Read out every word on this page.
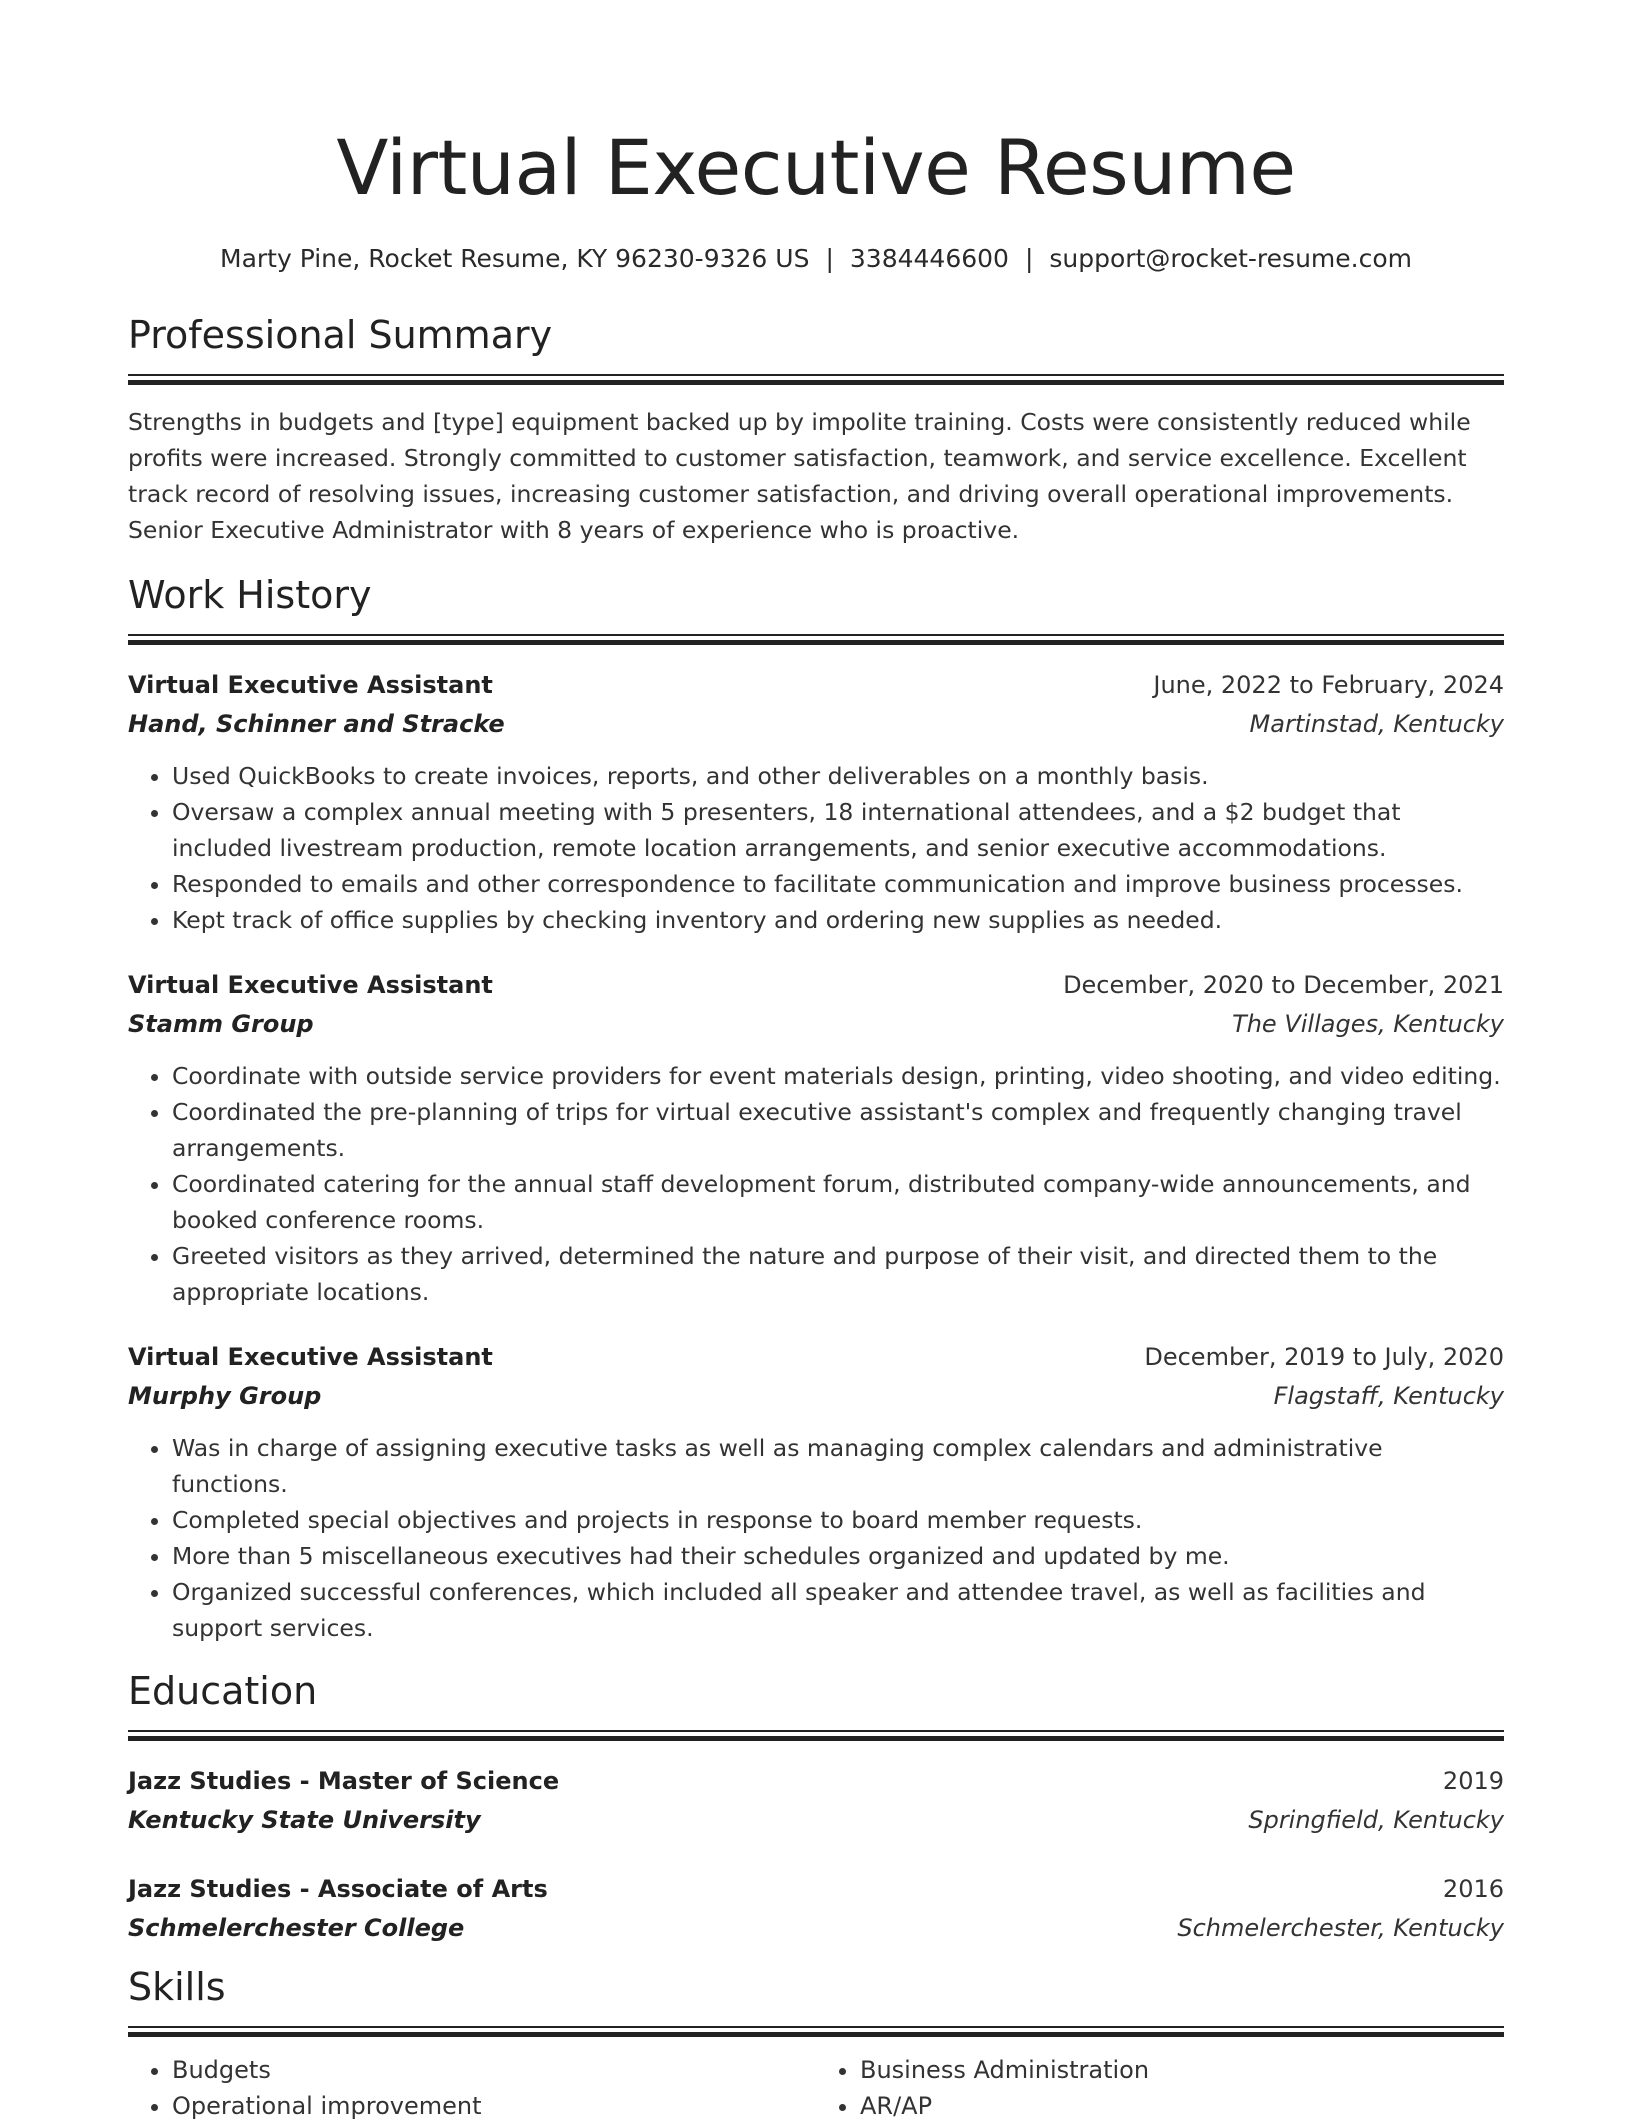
Virtual Executive Resume
Marty Pine, Rocket Resume, KY 96230-9326 US | 3384446600 | support@rocket-resume.com
Professional Summary
Strengths in budgets and [type] equipment backed up by impolite training. Costs were consistently reduced while profits were increased. Strongly committed to customer satisfaction, teamwork, and service excellence. Excellent track record of resolving issues, increasing customer satisfaction, and driving overall operational improvements. Senior Executive Administrator with 8 years of experience who is proactive.
Work History
Virtual Executive Assistant	June, 2022 to February, 2024
Hand, Schinner and Stracke	Martinstad, Kentucky
• Used QuickBooks to create invoices, reports, and other deliverables on a monthly basis.
• Oversaw a complex annual meeting with 5 presenters, 18 international attendees, and a $2 budget that included livestream production, remote location arrangements, and senior executive accommodations.
• Responded to emails and other correspondence to facilitate communication and improve business processes.
• Kept track of office supplies by checking inventory and ordering new supplies as needed.
Virtual Executive Assistant	December, 2020 to December, 2021
Stamm Group	The Villages, Kentucky
• Coordinate with outside service providers for event materials design, printing, video shooting, and video editing.
• Coordinated the pre-planning of trips for virtual executive assistant's complex and frequently changing travel arrangements.
• Coordinated catering for the annual staff development forum, distributed company-wide announcements, and booked conference rooms.
• Greeted visitors as they arrived, determined the nature and purpose of their visit, and directed them to the appropriate locations.
Virtual Executive Assistant	December, 2019 to July, 2020
Murphy Group	Flagstaff, Kentucky
• Was in charge of assigning executive tasks as well as managing complex calendars and administrative functions.
• Completed special objectives and projects in response to board member requests.
• More than 5 miscellaneous executives had their schedules organized and updated by me.
• Organized successful conferences, which included all speaker and attendee travel, as well as facilities and support services.
Education
Jazz Studies - Master of Science	2019
Kentucky State University	Springfield, Kentucky
Jazz Studies - Associate of Arts	2016
Schmelerchester College	Schmelerchester, Kentucky
Skills
• Budgets
• Operational improvement
• Business Administration
• AR/AP
